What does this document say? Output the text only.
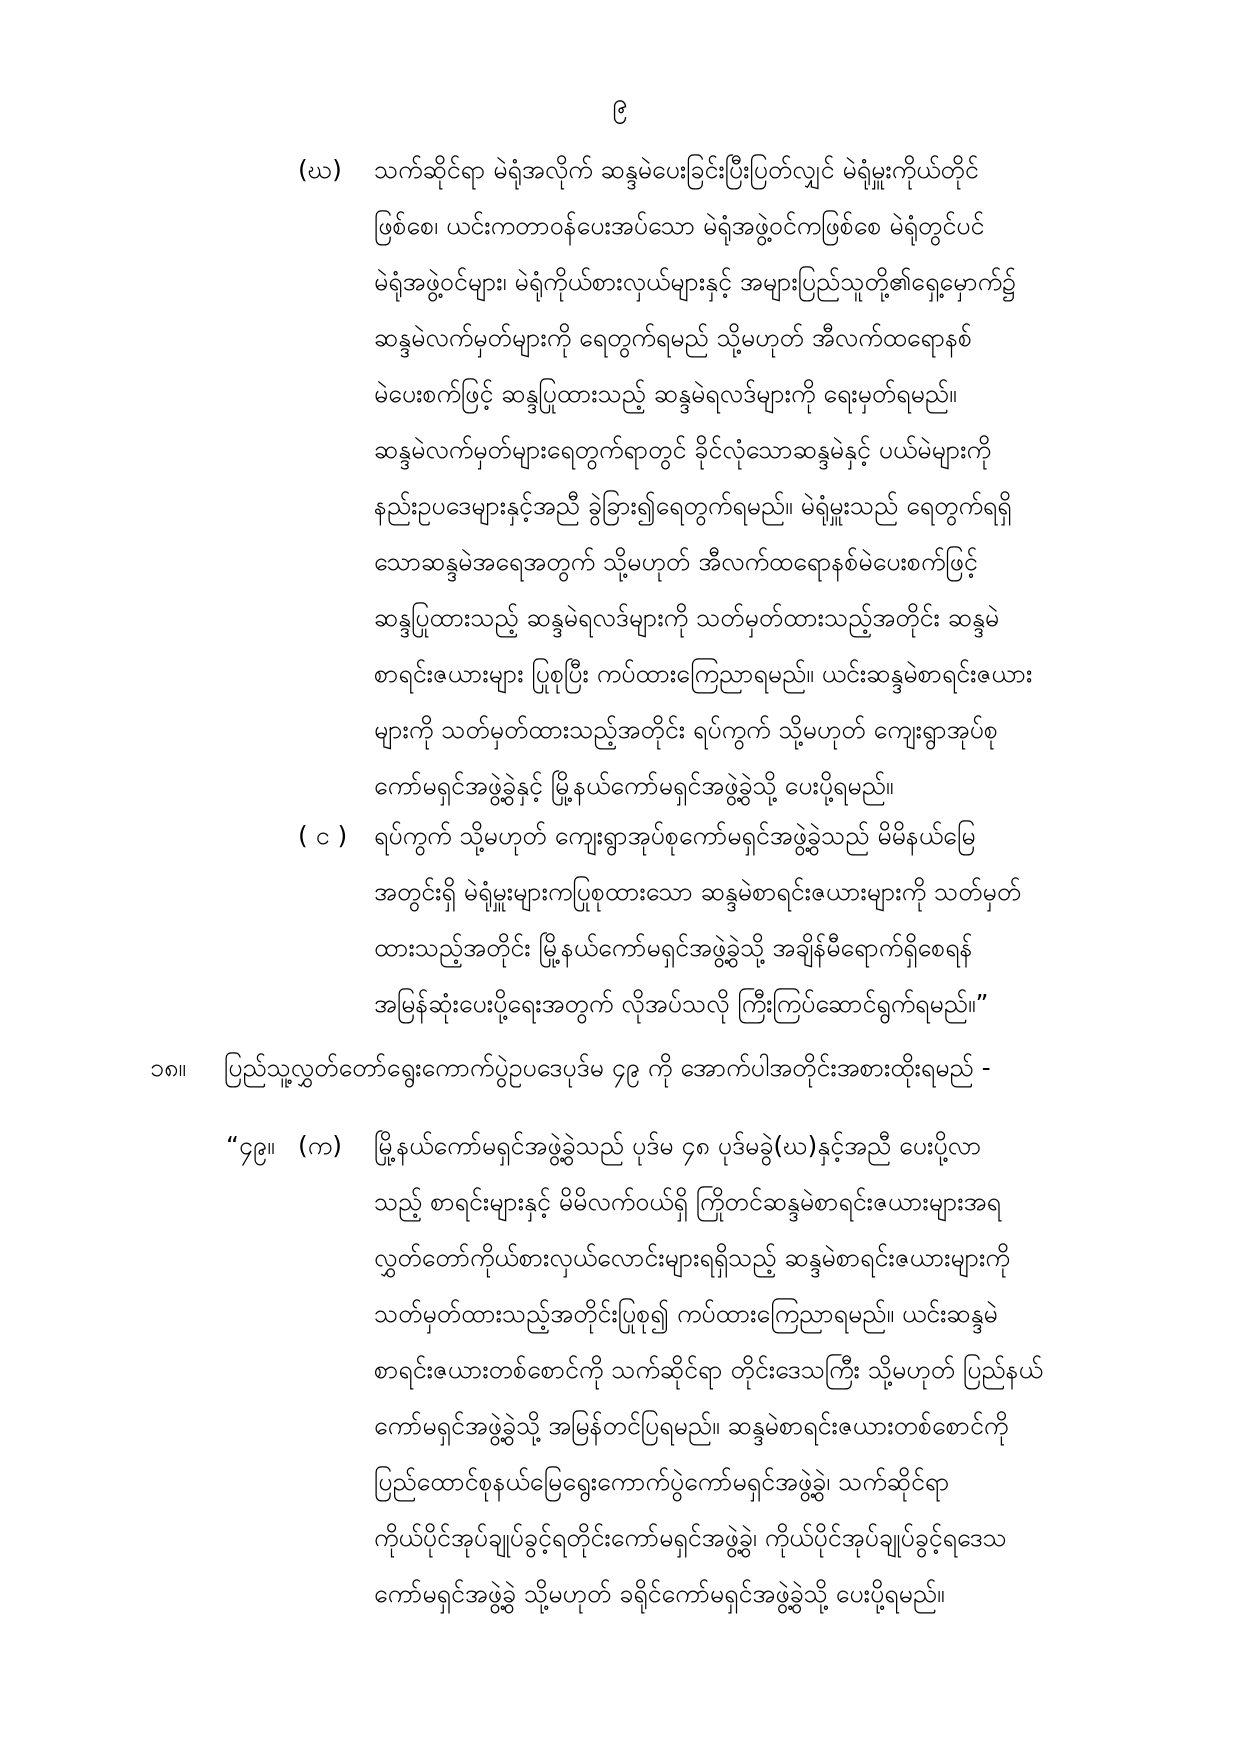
၉
(ဃ) သက်ဆိုင်ရာ မဲရုံအလိုက် ဆန္ဒမဲပေးခြင်းပြီးပြတ်လျှင် မဲရုံမှူးကိုယ်တိုင်
ဖြစ်စေ၊ ယင်းကတာဝန်ပေးအပ်သော မဲရုံအဖွဲ့ဝင်ကဖြစ်စေ မဲရုံတွင်ပင်
မဲရုံအဖွဲ့ဝင်များ၊ မဲရုံကိုယ်စားလှယ်များနှင့် အများပြည်သူတို့၏ရှေ့မှောက်၌
ဆန္ဒမဲလက်မှတ်များကို ရေတွက်ရမည် သို့မဟုတ် အီလက်ထရောနစ်
မဲပေးစက်ဖြင့် ဆန္ဒပြုထားသည့် ဆန္ဒမဲရလဒ်များကို ရေးမှတ်ရမည်။
ဆန္ဒမဲလက်မှတ်များရေတွက်ရာတွင် ခိုင်လုံသောဆန္ဒမဲနှင့် ပယ်မဲများကို
နည်းဥပဒေများနှင့်အညီ ခွဲခြား၍ရေတွက်ရမည်။ မဲရုံမှူးသည် ရေတွက်ရရှိ
သောဆန္ဒမဲအရေအတွက် သို့မဟုတ် အီလက်ထရောနစ်မဲပေးစက်ဖြင့်
ဆန္ဒပြုထားသည့် ဆန္ဒမဲရလဒ်များကို သတ်မှတ်ထားသည့်အတိုင်း ဆန္ဒမဲ
စာရင်းဇယားများ ပြုစုပြီး ကပ်ထားကြေညာရမည်။ ယင်းဆန္ဒမဲစာရင်းဇယား
များကို သတ်မှတ်ထားသည့်အတိုင်း ရပ်ကွက် သို့မဟုတ် ကျေးရွာအုပ်စု
ကော်မရှင်အဖွဲ့ခွဲနှင့် မြို့နယ်ကော်မရှင်အဖွဲ့ခွဲသို့ ပေးပို့ရမည်။
( င ) ရပ်ကွက် သို့မဟုတ် ကျေးရွာအုပ်စုကော်မရှင်အဖွဲ့ခွဲသည် မိမိနယ်မြေ
အတွင်းရှိ မဲရုံမှူးများကပြုစုထားသော ဆန္ဒမဲစာရင်းဇယားများကို သတ်မှတ်
ထားသည့်အတိုင်း မြို့နယ်ကော်မရှင်အဖွဲ့ခွဲသို့ အချိန်မီရောက်ရှိစေရန်
အမြန်ဆုံးပေးပို့ရေးအတွက် လိုအပ်သလို ကြီးကြပ်ဆောင်ရွက်ရမည်။”
၁၈။ ပြည်သူ့လွှတ်တော်ရွေးကောက်ပွဲဥပဒေပုဒ်မ ၄၉ ကို အောက်ပါအတိုင်းအစားထိုးရမည် -
“၄၉။ (က) မြို့နယ်ကော်မရှင်အဖွဲ့ခွဲသည် ပုဒ်မ ၄၈ ပုဒ်မခွဲ(ဃ)နှင့်အညီ ပေးပို့လာ
သည့် စာရင်းများနှင့် မိမိလက်ဝယ်ရှိ ကြိုတင်ဆန္ဒမဲစာရင်းဇယားများအရ
လွှတ်တော်ကိုယ်စားလှယ်လောင်းများရရှိသည့် ဆန္ဒမဲစာရင်းဇယားများကို
သတ်မှတ်ထားသည့်အတိုင်းပြုစု၍ ကပ်ထားကြေညာရမည်။ ယင်းဆန္ဒမဲ
စာရင်းဇယားတစ်စောင်ကို သက်ဆိုင်ရာ တိုင်းဒေသကြီး သို့မဟုတ် ပြည်နယ်
ကော်မရှင်အဖွဲ့ခွဲသို့ အမြန်တင်ပြရမည်။ ဆန္ဒမဲစာရင်းဇယားတစ်စောင်ကို
ပြည်ထောင်စုနယ်မြေရွေးကောက်ပွဲကော်မရှင်အဖွဲ့ခွဲ၊ သက်ဆိုင်ရာ
ကိုယ်ပိုင်အုပ်ချုပ်ခွင့်ရတိုင်းကော်မရှင်အဖွဲ့ခွဲ၊ ကိုယ်ပိုင်အုပ်ချုပ်ခွင့်ရဒေသ
ကော်မရှင်အဖွဲ့ခွဲ သို့မဟုတ် ခရိုင်ကော်မရှင်အဖွဲ့ခွဲသို့ ပေးပို့ရမည်။
